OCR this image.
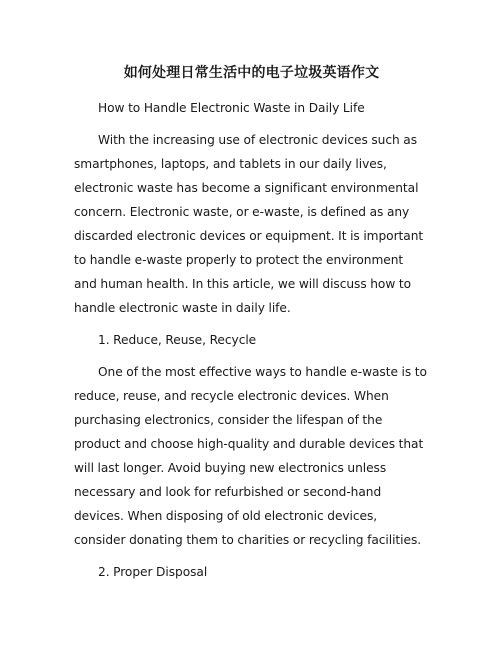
如何处理日常生活中的电子垃圾英语作文

How to Handle Electronic Waste in Daily Life

With the increasing use of electronic devices such as smartphones, laptops, and tablets in our daily lives, electronic waste has become a significant environmental concern. Electronic waste, or e-waste, is defined as any discarded electronic devices or equipment. It is important to handle e-waste properly to protect the environment and human health. In this article, we will discuss how to handle electronic waste in daily life.

1. Reduce, Reuse, Recycle

One of the most effective ways to handle e-waste is to reduce, reuse, and recycle electronic devices. When purchasing electronics, consider the lifespan of the product and choose high-quality and durable devices that will last longer. Avoid buying new electronics unless necessary and look for refurbished or second-hand devices. When disposing of old electronic devices, consider donating them to charities or recycling facilities.

2. Proper Disposal
